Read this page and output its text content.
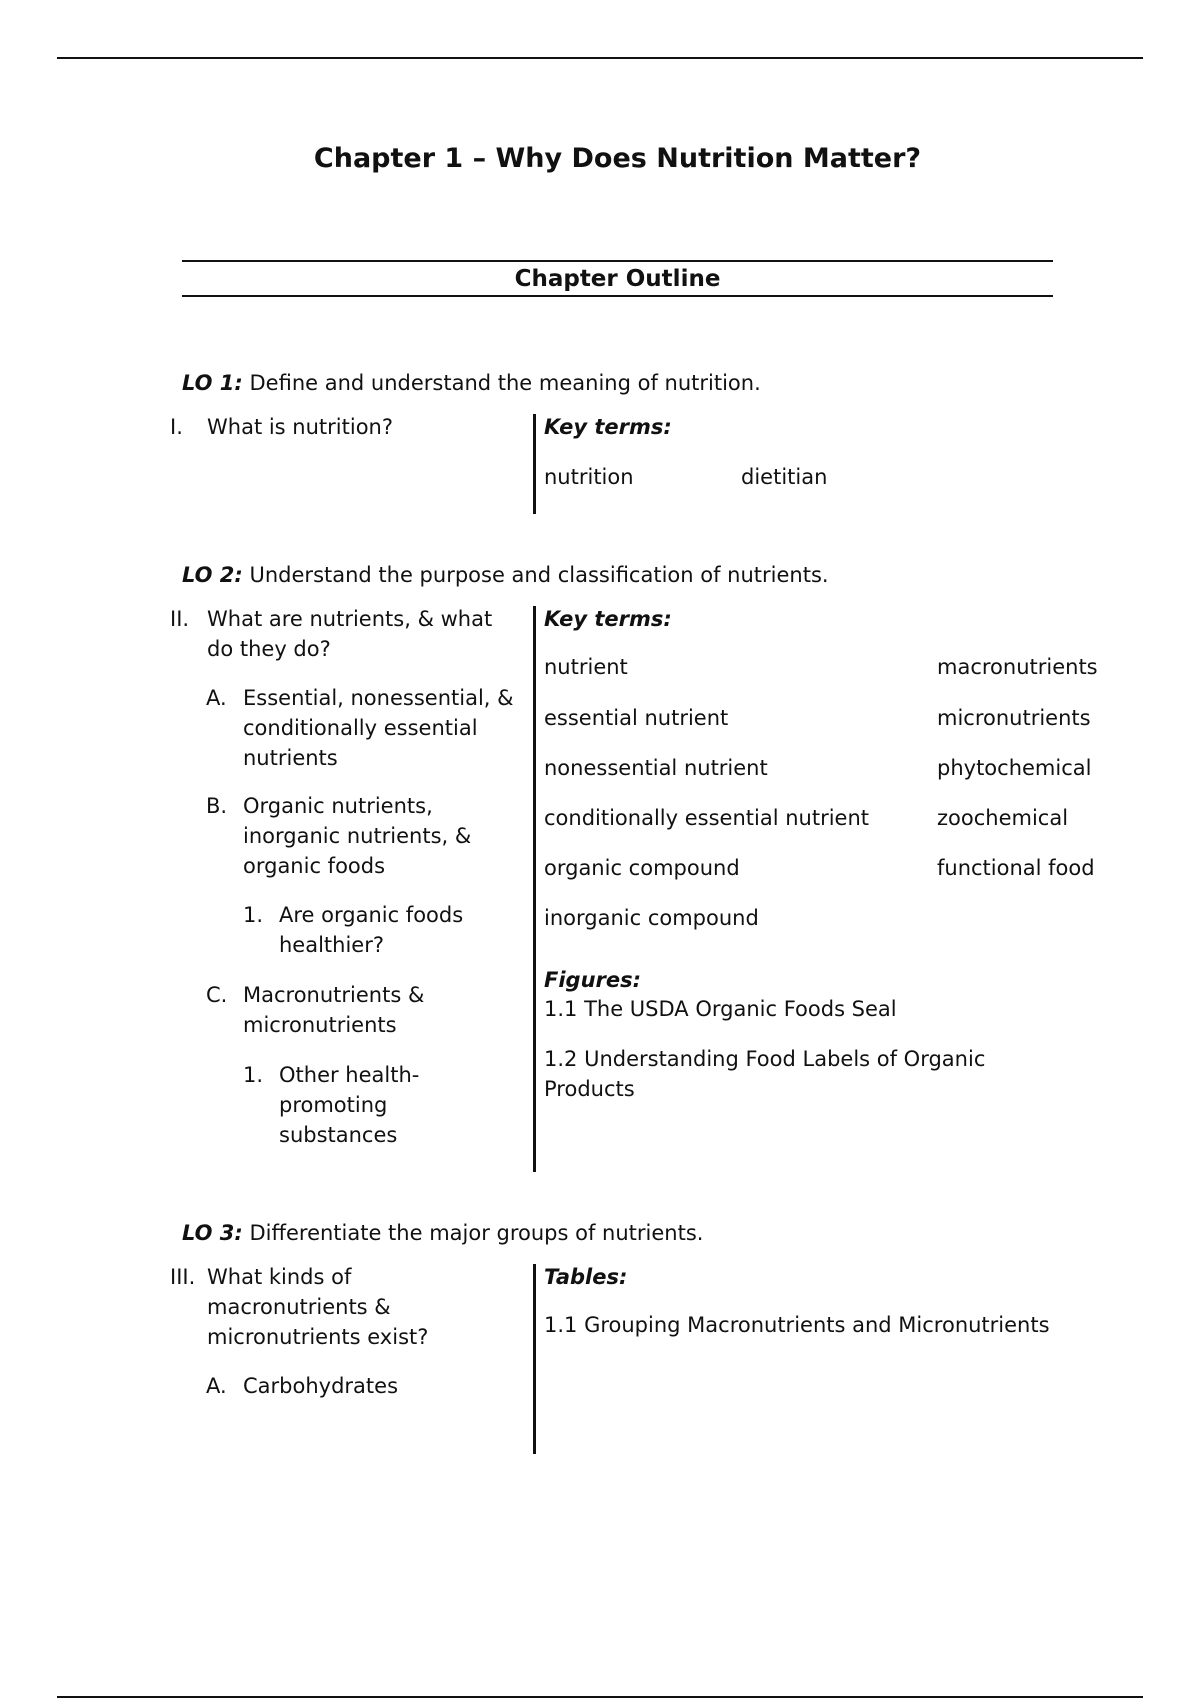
Chapter 1 – Why Does Nutrition Matter?
Chapter Outline

LO 1: Define and understand the meaning of nutrition.

I.	What is nutrition?	Key terms:
nutrition	dietitian

LO 2: Understand the purpose and classification of nutrients.

II. What are nutrients, & what do they do?
A. Essential, nonessential, & conditionally essential nutrients
B. Organic nutrients, inorganic nutrients, & organic foods
1. Are organic foods healthier?
C. Macronutrients & micronutrients
1. Other health-promoting substances
Key terms:
nutrient	macronutrients
essential nutrient	micronutrients
nonessential nutrient	phytochemical
conditionally essential nutrient	zoochemical
organic compound	functional food
inorganic compound
Figures:
1.1 The USDA Organic Foods Seal
1.2 Understanding Food Labels of Organic Products

LO 3: Differentiate the major groups of nutrients.

III. What kinds of macronutrients & micronutrients exist?
A. Carbohydrates
Tables:
1.1 Grouping Macronutrients and Micronutrients
